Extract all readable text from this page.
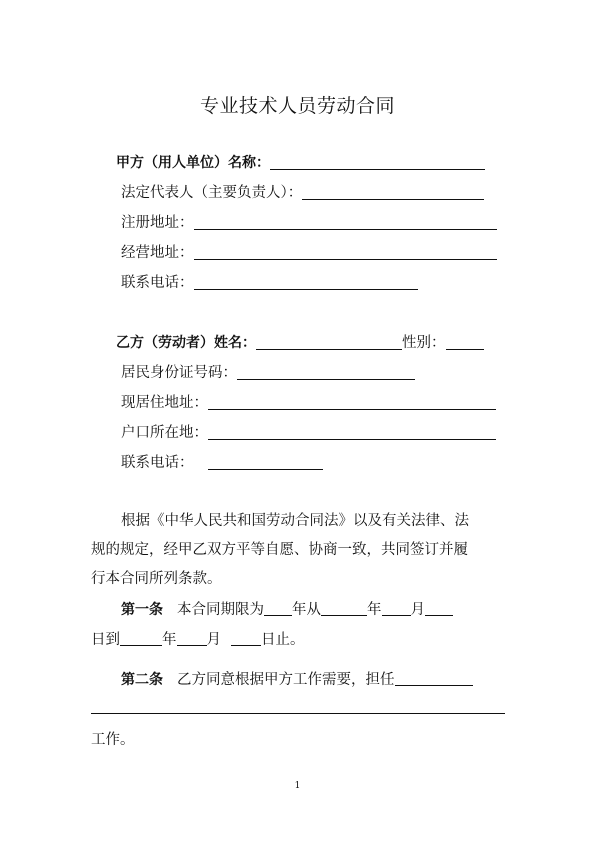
专业技术人员劳动合同
甲方（用人单位）名称：
法定代表人（主要负责人）：
注册地址：
经营地址：
联系电话：
乙方（劳动者）姓名：	性别：
居民身份证号码：
现居住地址：
户口所在地：
联系电话：
根据《中华人民共和国劳动合同法》以及有关法律、法
规的规定，经甲乙双方平等自愿、协商一致，共同签订并履
行本合同所列条款。
第一条 本合同期限为 年从	年 月
日到	年 月	日止。
第二条 乙方同意根据甲方工作需要，担任
工作。
1
